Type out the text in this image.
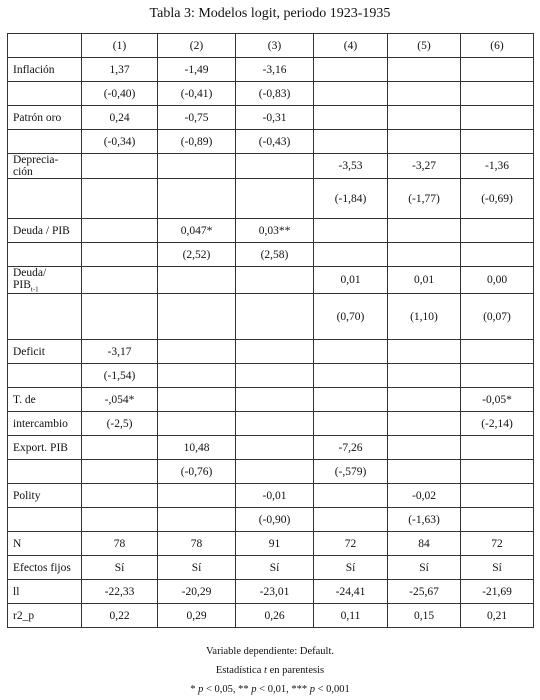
Tabla 3: Modelos logit, periodo 1923-1935
	(1)	(2)	(3)	(4)	(5)	(6)

Inflación	1,37	-1,49	-3,16			

	(-0,40)	(-0,41)	(-0,83)			

Patrón oro	0,24	-0,75	-0,31			

	(-0,34)	(-0,89)	(-0,43)			

Deprecia-
ción				-3,53	-3,27	-1,36

				(-1,84)	(-1,77)	(-0,69)

Deuda / PIB		0,047*	0,03**			

		(2,52)	(2,58)			

Deuda/
$PIB_{t-1}$				0,01	0,01	0,00

				(0,70)	(1,10)	(0,07)

Deficit	-3,17					

	(-1,54)					

T. de	-,054*					-0,05*

intercambio	(-2,5)					(-2,14)

Export. PIB		10,48		-7,26		

		(-0,76)		(-,579)		

Polity			-0,01		-0,02	

			(-0,90)		(-1,63)	

N	78	78	91	72	84	72

Efectos fijos	Sí	Sí	Sí	Sí	Sí	Sí

ll	-22,33	-20,29	-23,01	-24,41	-25,67	-21,69

r2_p	0,22	0,29	0,26	0,11	0,15	0,21
Variable dependiente: Default.
Estadística t en parentesis
* p < 0,05, ** p < 0,01, *** p < 0,001
